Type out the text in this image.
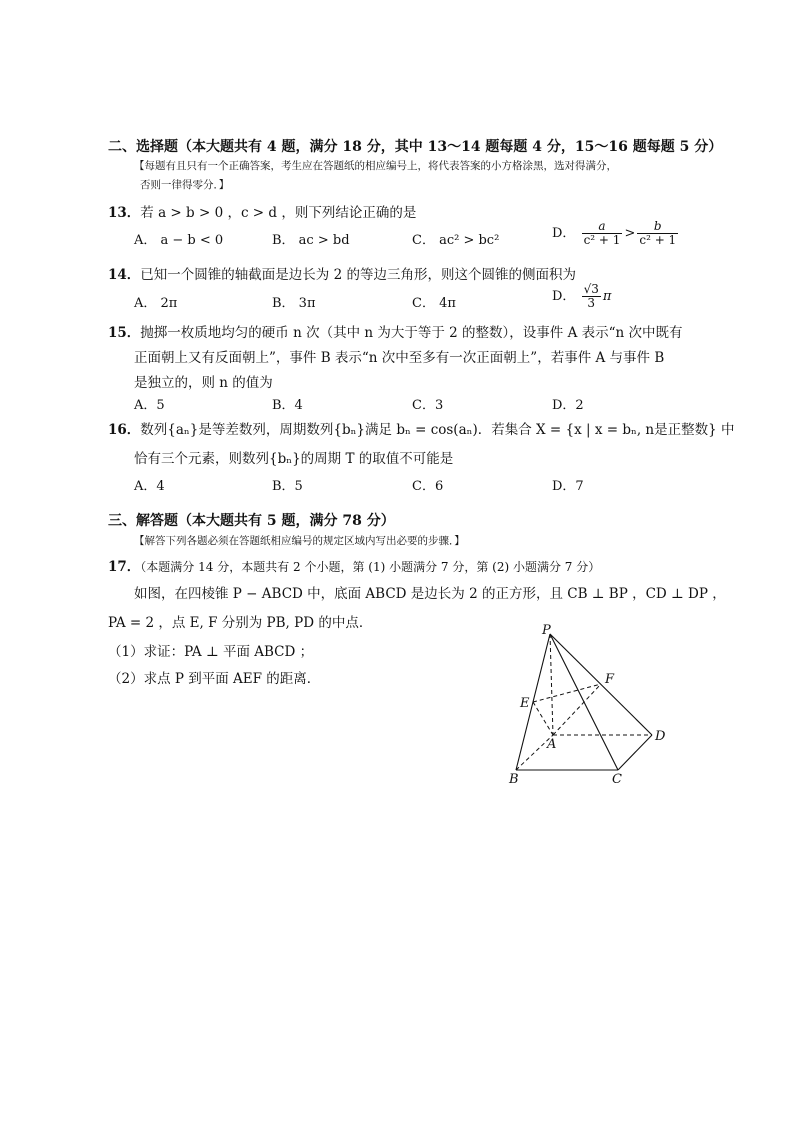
二、选择题（本大题共有 4 题，满分 18 分，其中 13～14 题每题 4 分，15～16 题每题 5 分）
【每题有且只有一个正确答案，考生应在答题纸的相应编号上，将代表答案的小方格涂黑，选对得满分，
否则一律得零分．】
13．若 a > b > 0 ，c > d ，则下列结论正确的是
A． a − b < 0	B． ac > bd	C． ac² > bc²	D． $\frac{a}{\text{c² + 1}} > \frac{b}{\text{c² + 1}}$
14．已知一个圆锥的轴截面是边长为 2 的等边三角形，则这个圆锥的侧面积为
A． 2π	B． 3π	C． 4π	D． $\frac{√3}{3}$ π
15．抛掷一枚质地均匀的硬币 n 次（其中 n 为大于等于 2 的整数），设事件 A 表示“n 次中既有
正面朝上又有反面朝上”，事件 B 表示“n 次中至多有一次正面朝上”，若事件 A 与事件 B
是独立的，则 n 的值为
A．5	B．4	C．3	D．2
16．数列{aₙ}是等差数列，周期数列{bₙ}满足 bₙ = cos(aₙ)．若集合 X = {x | x = bₙ, n是正整数} 中
恰有三个元素，则数列{bₙ}的周期 T 的取值不可能是
A．4	B．5	C．6	D．7
三、解答题（本大题共有 5 题，满分 78 分）
【解答下列各题必须在答题纸相应编号的规定区域内写出必要的步骤．】
17．（本题满分 14 分，本题共有 2 个小题，第 (1) 小题满分 7 分，第 (2) 小题满分 7 分）
如图，在四棱锥 P − ABCD 中，底面 ABCD 是边长为 2 的正方形，且 CB ⊥ BP ，CD ⊥ DP ，
PA = 2 ，点 E, F 分别为 PB, PD 的中点．
（1）求证：PA ⊥ 平面 ABCD ；
（2）求点 P 到平面 AEF 的距离．
P
E
F
A
B	C
D
